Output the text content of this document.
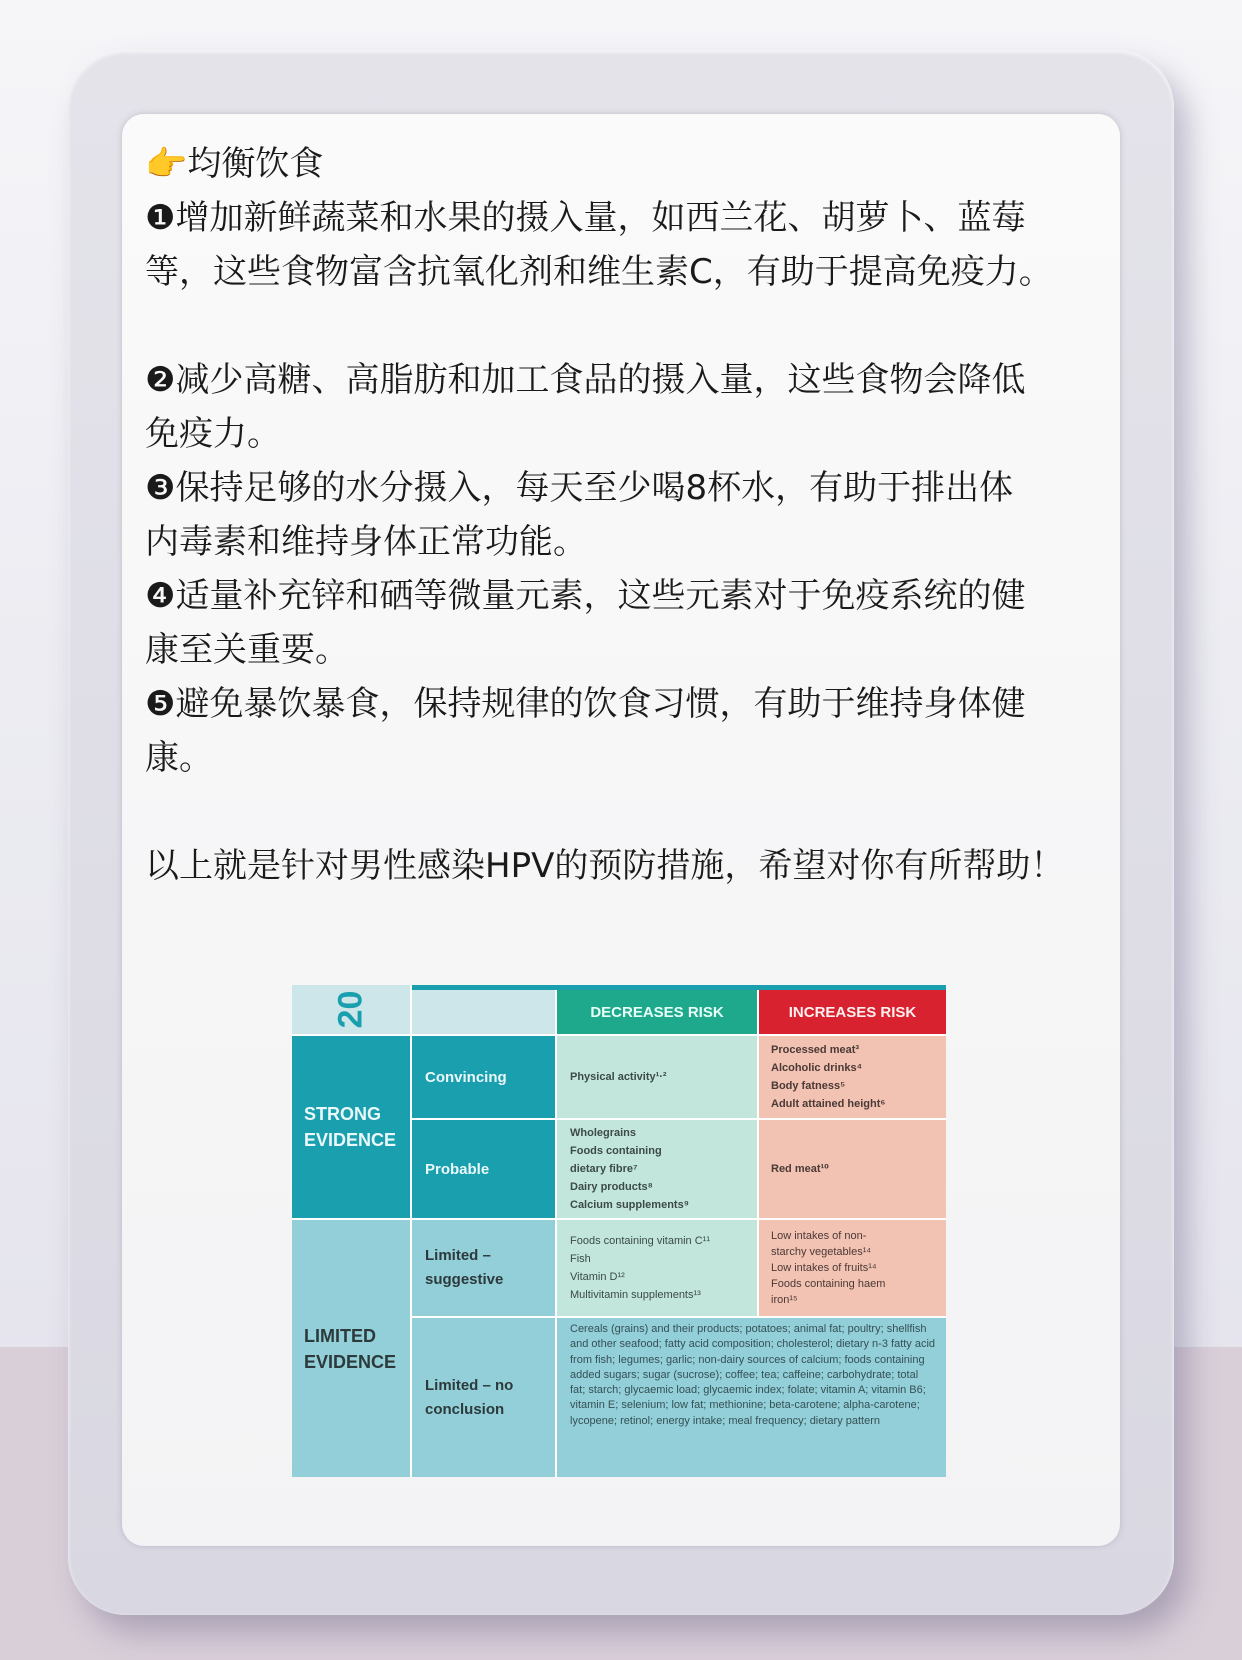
👉均衡饮食
❶增加新鲜蔬菜和水果的摄入量，如西兰花、胡萝卜、蓝莓
等，这些食物富含抗氧化剂和维生素C，有助于提高免疫力。
❷减少高糖、高脂肪和加工食品的摄入量，这些食物会降低
免疫力。
❸保持足够的水分摄入，每天至少喝8杯水，有助于排出体
内毒素和维持身体正常功能。
❹适量补充锌和硒等微量元素，这些元素对于免疫系统的健
康至关重要。
❺避免暴饮暴食，保持规律的饮食习惯，有助于维持身体健
康。
以上就是针对男性感染HPV的预防措施，希望对你有所帮助！
20	DECREASES RISK	INCREASES RISK
STRONG EVIDENCE
LIMITED EVIDENCE
Convincing
Probable
Limited – suggestive
Limited – no conclusion
Physical activity¹·²
Processed meat³
Alcoholic drinks⁴
Body fatness⁵
Adult attained height⁶
Wholegrains
Foods containing dietary fibre⁷
Dairy products⁸
Calcium supplements⁹
Red meat¹⁰
Foods containing vitamin C¹¹
Fish
Vitamin D¹²
Multivitamin supplements¹³
Low intakes of non-starchy vegetables¹⁴
Low intakes of fruits¹⁴
Foods containing haem iron¹⁵
Cereals (grains) and their products; potatoes; animal fat; poultry; shellfish and other seafood; fatty acid composition; cholesterol; dietary n-3 fatty acid from fish; legumes; garlic; non-dairy sources of calcium; foods containing added sugars; sugar (sucrose); coffee; tea; caffeine; carbohydrate; total fat; starch; glycaemic load; glycaemic index; folate; vitamin A; vitamin B6; vitamin E; selenium; low fat; methionine; beta-carotene; alpha-carotene; lycopene; retinol; energy intake; meal frequency; dietary pattern
